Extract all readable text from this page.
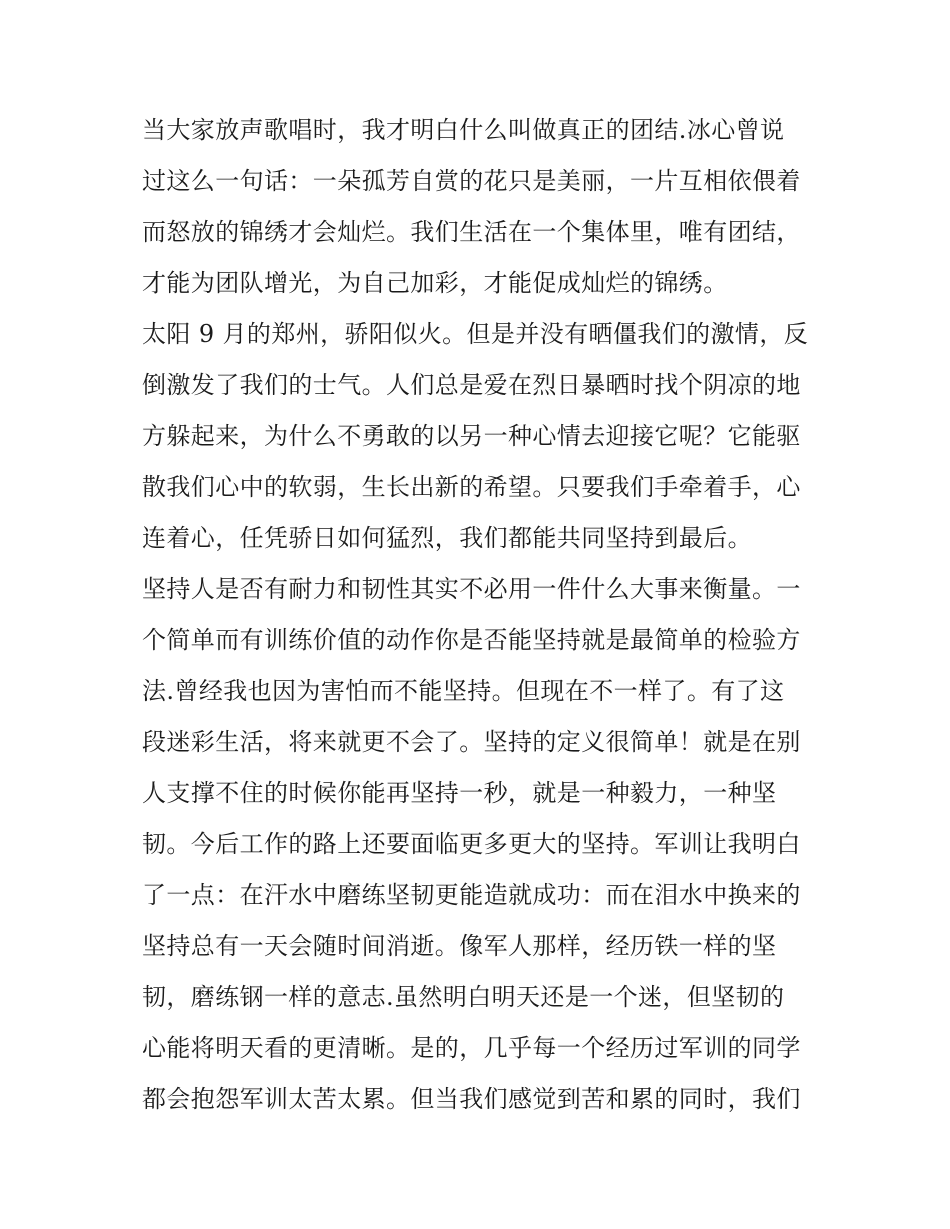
当大家放声歌唱时，我才明白什么叫做真正的团结.冰心曾说
过这么一句话：一朵孤芳自赏的花只是美丽，一片互相依偎着
而怒放的锦绣才会灿烂。我们生活在一个集体里，唯有团结，
才能为团队增光，为自己加彩，才能促成灿烂的锦绣。
太阳 9 月的郑州，骄阳似火。但是并没有晒僵我们的激情，反
倒激发了我们的士气。人们总是爱在烈日暴晒时找个阴凉的地
方躲起来，为什么不勇敢的以另一种心情去迎接它呢？它能驱
散我们心中的软弱，生长出新的希望。只要我们手牵着手，心
连着心，任凭骄日如何猛烈，我们都能共同坚持到最后。
坚持人是否有耐力和韧性其实不必用一件什么大事来衡量。一
个简单而有训练价值的动作你是否能坚持就是最简单的检验方
法.曾经我也因为害怕而不能坚持。但现在不一样了。有了这
段迷彩生活，将来就更不会了。坚持的定义很简单！就是在别
人支撑不住的时候你能再坚持一秒，就是一种毅力，一种坚
韧。今后工作的路上还要面临更多更大的坚持。军训让我明白
了一点：在汗水中磨练坚韧更能造就成功：而在泪水中换来的
坚持总有一天会随时间消逝。像军人那样，经历铁一样的坚
韧，磨练钢一样的意志.虽然明白明天还是一个迷，但坚韧的
心能将明天看的更清晰。是的，几乎每一个经历过军训的同学
都会抱怨军训太苦太累。但当我们感觉到苦和累的同时，我们
